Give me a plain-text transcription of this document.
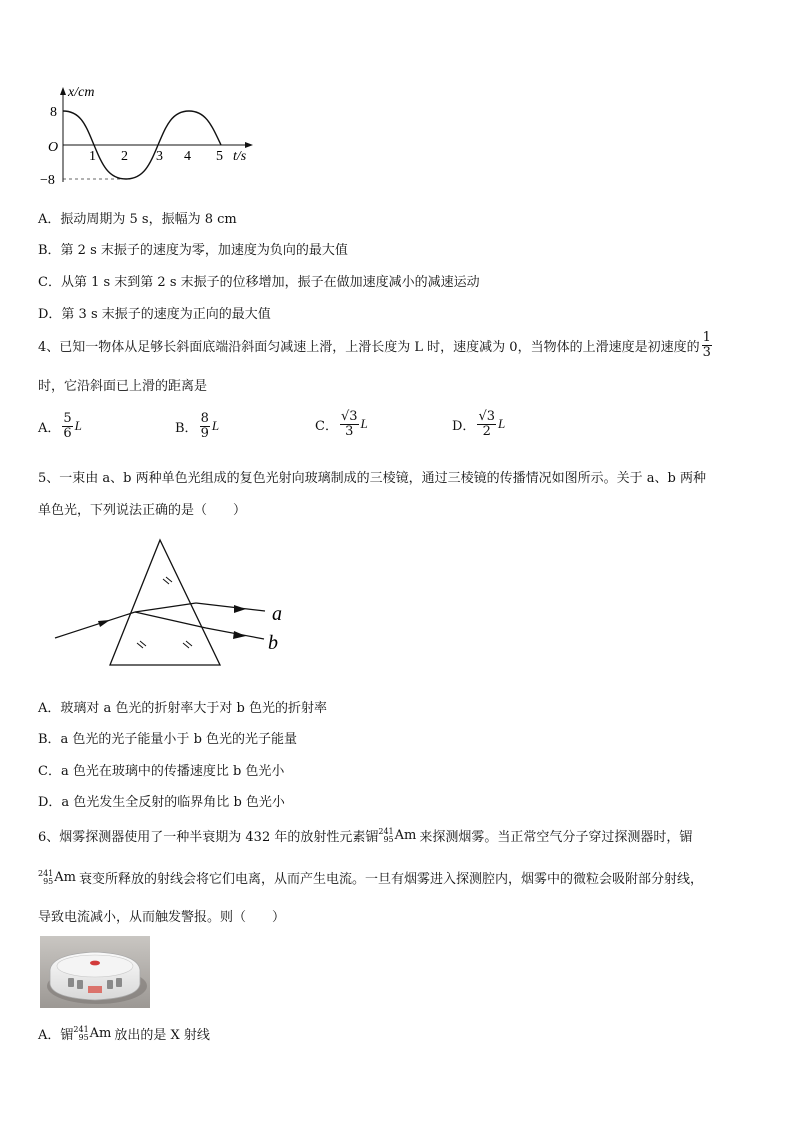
x/cm
8
O
−8
1 2 3 4 5 t/s
A．振动周期为 5 s，振幅为 8 cm
B．第 2 s 末振子的速度为零，加速度为负向的最大值
C．从第 1 s 末到第 2 s 末振子的位移增加，振子在做加速度减小的减速运动
D．第 3 s 末振子的速度为正向的最大值
4、已知一物体从足够长斜面底端沿斜面匀减速上滑，上滑长度为 L 时，速度减为 0，当物体的上滑速度是初速度的 $\frac{1}{3}$
时，它沿斜面已上滑的距离是
A． $\frac{5}{6}$ L	B． $\frac{8}{9}$ L	C． $\frac{√3}{3}$ L	D． $\frac{√3}{2}$ L
5、一束由 a、b 两种单色光组成的复色光射向玻璃制成的三棱镜，通过三棱镜的传播情况如图所示。关于 a、b 两种
单色光，下列说法正确的是（　　）
a
b
A．玻璃对 a 色光的折射率大于对 b 色光的折射率
B．a 色光的光子能量小于 b 色光的光子能量
C．a 色光在玻璃中的传播速度比 b 色光小
D．a 色光发生全反射的临界角比 b 色光小
6、烟雾探测器使用了一种半衰期为 432 年的放射性元素镅 241
95 Am 来探测烟雾。当正常空气分子穿过探测器时，镅
241
95 Am 衰变所释放的射线会将它们电离，从而产生电流。一旦有烟雾进入探测腔内，烟雾中的微粒会吸附部分射线，
导致电流减小，从而触发警报。则（　　）
A．镅 241
95 Am 放出的是 X 射线
